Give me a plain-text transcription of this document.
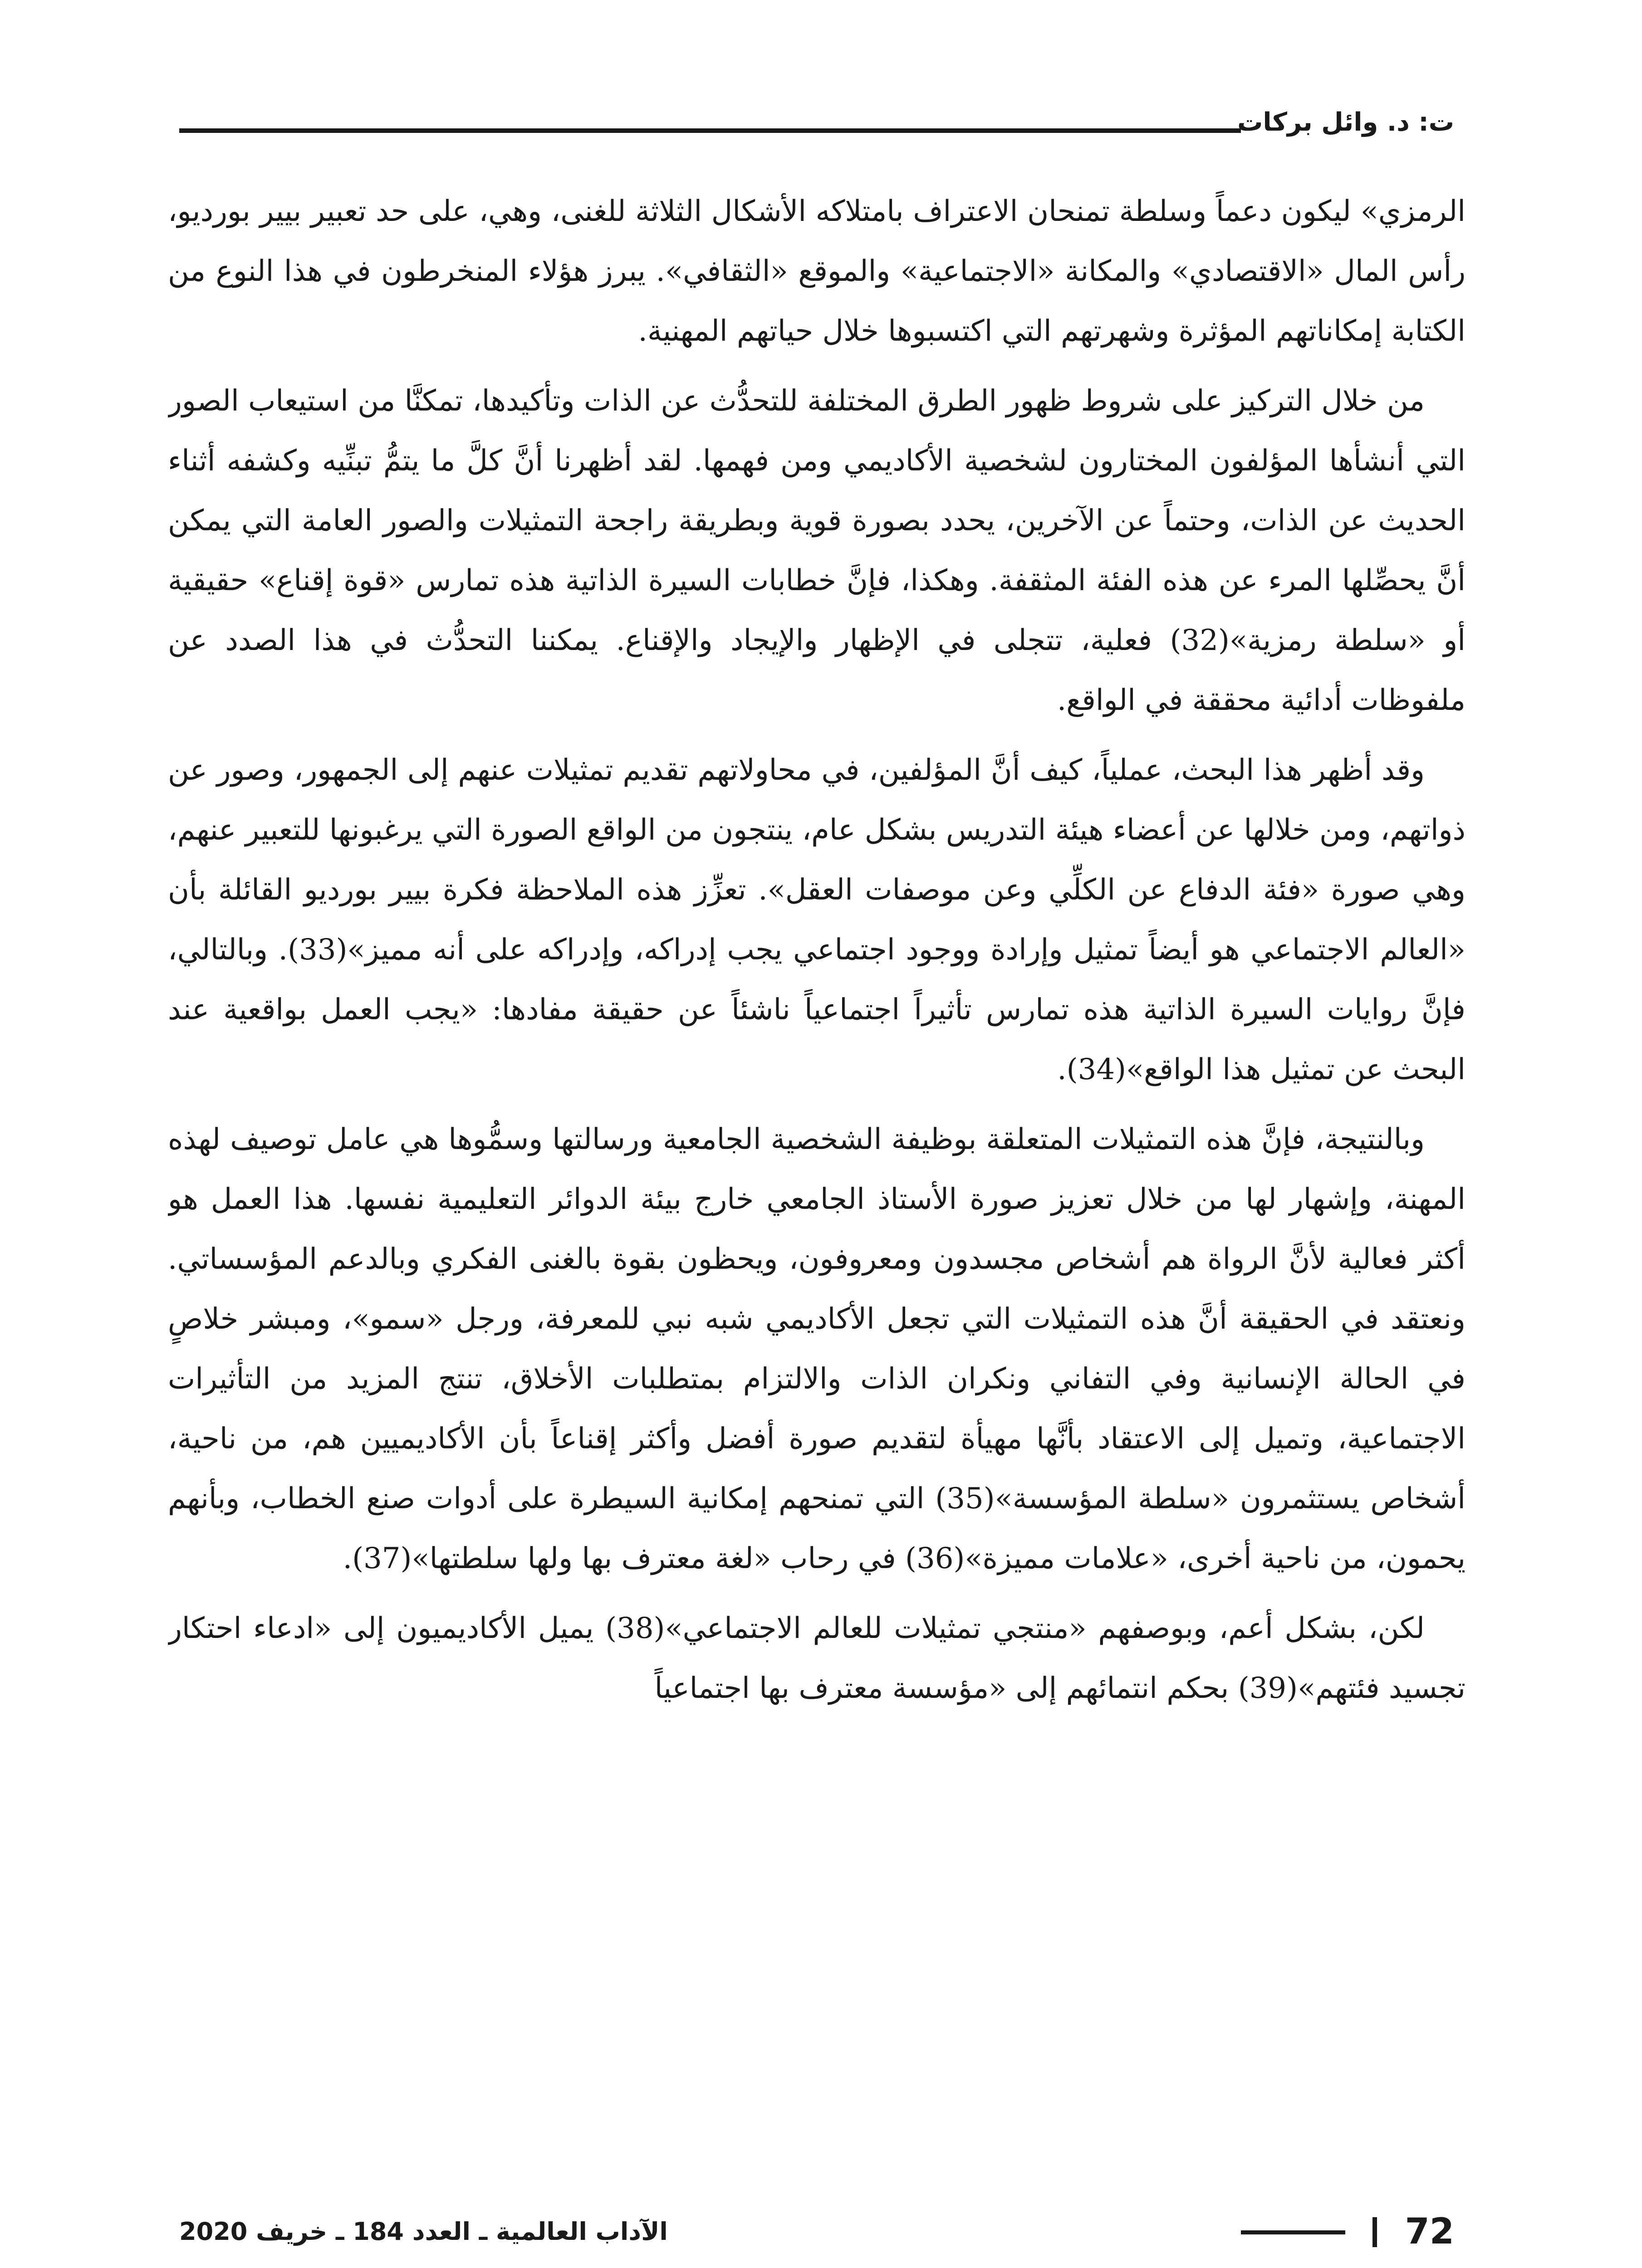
ت: د. وائل بركات

الرمزي» ليكون دعماً وسلطة تمنحان الاعتراف بامتلاكه الأشكال الثلاثة للغنى، وهي، على حد تعبير بيير بورديو، رأس المال «الاقتصادي» والمكانة «الاجتماعية» والموقع «الثقافي». يبرز هؤلاء المنخرطون في هذا النوع من الكتابة إمكاناتهم المؤثرة وشهرتهم التي اكتسبوها خلال حياتهم المهنية.

من خلال التركيز على شروط ظهور الطرق المختلفة للتحدُّث عن الذات وتأكيدها، تمكنَّا من استيعاب الصور التي أنشأها المؤلفون المختارون لشخصية الأكاديمي ومن فهمها. لقد أظهرنا أنَّ كلَّ ما يتمُّ تبنِّيه وكشفه أثناء الحديث عن الذات، وحتماً عن الآخرين، يحدد بصورة قوية وبطريقة راجحة التمثيلات والصور العامة التي يمكن أنَّ يحصِّلها المرء عن هذه الفئة المثقفة. وهكذا، فإنَّ خطابات السيرة الذاتية هذه تمارس «قوة إقناع» حقيقية أو «سلطة رمزية»(32) فعلية، تتجلى في الإظهار والإيجاد والإقناع. يمكننا التحدُّث في هذا الصدد عن ملفوظات أدائية محققة في الواقع.

وقد أظهر هذا البحث، عملياً، كيف أنَّ المؤلفين، في محاولاتهم تقديم تمثيلات عنهم إلى الجمهور، وصور عن ذواتهم، ومن خلالها عن أعضاء هيئة التدريس بشكل عام، ينتجون من الواقع الصورة التي يرغبونها للتعبير عنهم، وهي صورة «فئة الدفاع عن الكلِّي وعن موصفات العقل». تعزِّز هذه الملاحظة فكرة بيير بورديو القائلة بأن «العالم الاجتماعي هو أيضاً تمثيل وإرادة ووجود اجتماعي يجب إدراكه، وإدراكه على أنه مميز»(33). وبالتالي، فإنَّ روايات السيرة الذاتية هذه تمارس تأثيراً اجتماعياً ناشئاً عن حقيقة مفادها: «يجب العمل بواقعية عند البحث عن تمثيل هذا الواقع»(34).

وبالنتيجة، فإنَّ هذه التمثيلات المتعلقة بوظيفة الشخصية الجامعية ورسالتها وسمُّوها هي عامل توصيف لهذه المهنة، وإشهار لها من خلال تعزيز صورة الأستاذ الجامعي خارج بيئة الدوائر التعليمية نفسها. هذا العمل هو أكثر فعالية لأنَّ الرواة هم أشخاص مجسدون ومعروفون، ويحظون بقوة بالغنى الفكري وبالدعم المؤسساتي. ونعتقد في الحقيقة أنَّ هذه التمثيلات التي تجعل الأكاديمي شبه نبي للمعرفة، ورجل «سمو»، ومبشر خلاصٍ في الحالة الإنسانية وفي التفاني ونكران الذات والالتزام بمتطلبات الأخلاق، تنتج المزيد من التأثيرات الاجتماعية، وتميل إلى الاعتقاد بأنَّها مهيأة لتقديم صورة أفضل وأكثر إقناعاً بأن الأكاديميين هم، من ناحية، أشخاص يستثمرون «سلطة المؤسسة»(35) التي تمنحهم إمكانية السيطرة على أدوات صنع الخطاب، وبأنهم يحمون، من ناحية أخرى، «علامات مميزة»(36) في رحاب «لغة معترف بها ولها سلطتها»(37).

لكن، بشكل أعم، وبوصفهم «منتجي تمثيلات للعالم الاجتماعي»(38) يميل الأكاديميون إلى «ادعاء احتكار تجسيد فئتهم»(39) بحكم انتمائهم إلى «مؤسسة معترف بها اجتماعياً

72
الآداب العالمية ـ العدد 184 ـ خريف 2020
